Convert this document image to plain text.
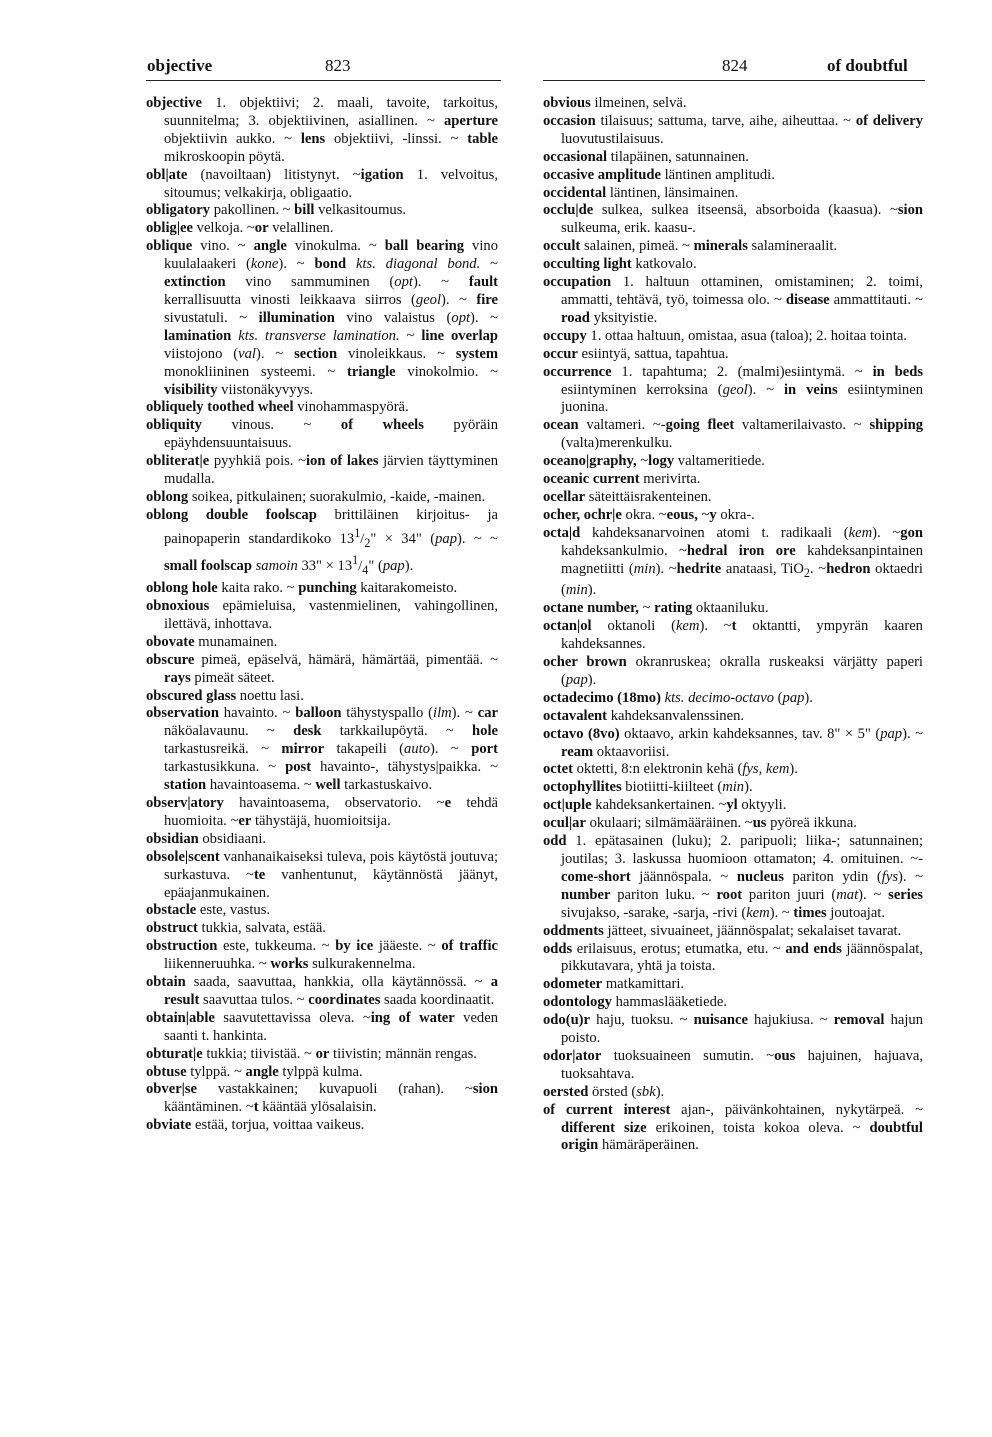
objective	823	824	of doubtful

objective 1. objektiivi; 2. maali, tavoite, tarkoitus, suunnitelma; 3. objektiivinen, asiallinen. ~ aperture objektiivin aukko. ~ lens objektiivi, -linssi. ~ table mikroskoopin pöytä.

obl|ate (navoiltaan) litistynyt. ~igation 1. velvoitus, sitoumus; velkakirja, obligaatio.

obligatory pakollinen. ~ bill velkasitoumus.

oblig|ee velkoja. ~or velallinen.

oblique vino. ~ angle vinokulma. ~ ball bearing vino kuulalaakeri (kone). ~ bond kts. diagonal bond. ~ extinction vino sammuminen (opt). ~ fault kerrallisuutta vinosti leikkaava siirros (geol). ~ fire sivustatuli. ~ illumination vino valaistus (opt). ~ lamination kts. transverse lamination. ~ line overlap viistojono (val). ~ section vinoleikkaus. ~ system monokliininen systeemi. ~ triangle vinokolmio. ~ visibility viistonäkyvyys.

obliquely toothed wheel vinohammaspyörä.

obliquity vinous. ~ of wheels pyöräin epäyhdensuuntaisuus.

obliterat|e pyyhkiä pois. ~ion of lakes järvien täyttyminen mudalla.

oblong soikea, pitkulainen; suorakulmio, -kaide, -mainen.

oblong double foolscap brittiläinen kirjoitus- ja painopaperin standardikoko $13^1/_2$" × 34" (pap). ~ ~ small foolscap samoin 33" × $13^1/_4$" (pap).

oblong hole kaita rako. ~ punching kaitarakomeisto.

obnoxious epämieluisa, vastenmielinen, vahingollinen, ilettävä, inhottava.

obovate munamainen.

obscure pimeä, epäselvä, hämärä, hämärtää, pimentää. ~ rays pimeät säteet.

obscured glass noettu lasi.

observation havainto. ~ balloon tähystyspallo (ilm). ~ car näköalavaunu. ~ desk tarkkailupöytä. ~ hole tarkastusreikä. ~ mirror takapeili (auto). ~ port tarkastusikkuna. ~ post havainto-, tähystys|paikka. ~ station havaintoasema. ~ well tarkastuskaivo.

observ|atory havaintoasema, observatorio. ~e tehdä huomioita. ~er tähystäjä, huomioitsija.

obsidian obsidiaani.

obsole|scent vanhanaikaiseksi tuleva, pois käytöstä joutuva; surkastuva. ~te vanhentunut, käytännöstä jäänyt, epäajanmukainen.

obstacle este, vastus.

obstruct tukkia, salvata, estää.

obstruction este, tukkeuma. ~ by ice jääeste. ~ of traffic liikenneruuhka. ~ works sulkurakennelma.

obtain saada, saavuttaa, hankkia, olla käytännössä. ~ a result saavuttaa tulos. ~ coordinates saada koordinaatit.

obtain|able saavutettavissa oleva. ~ing of water veden saanti t. hankinta.

obturat|e tukkia; tiivistää. ~ or tiivistin; männän rengas.

obtuse tylppä. ~ angle tylppä kulma.

obver|se vastakkainen; kuvapuoli (rahan). ~sion kääntäminen. ~t kääntää ylösalaisin.

obviate estää, torjua, voittaa vaikeus.

obvious ilmeinen, selvä.

occasion tilaisuus; sattuma, tarve, aihe, aiheuttaa. ~ of delivery luovutustilaisuus.

occasional tilapäinen, satunnainen.

occasive amplitude läntinen amplitudi.

occidental läntinen, länsimainen.

occlu|de sulkea, sulkea itseensä, absorboida (kaasua). ~sion sulkeuma, erik. kaasu-.

occult salainen, pimeä. ~ minerals salamineraalit.

occulting light katkovalo.

occupation 1. haltuun ottaminen, omistaminen; 2. toimi, ammatti, tehtävä, työ, toimessa olo. ~ disease ammattitauti. ~ road yksityistie.

occupy 1. ottaa haltuun, omistaa, asua (taloa); 2. hoitaa tointa.

occur esiintyä, sattua, tapahtua.

occurrence 1. tapahtuma; 2. (malmi)esiintymä. ~ in beds esiintyminen kerroksina (geol). ~ in veins esiintyminen juonina.

ocean valtameri. ~-going fleet valtamerilaivasto. ~ shipping (valta)merenkulku.

oceano|graphy, ~logy valtameritiede.

oceanic current merivirta.

ocellar säteittäisrakenteinen.

ocher, ochr|e okra. ~eous, ~y okra-.

octa|d kahdeksanarvoinen atomi t. radikaali (kem). ~gon kahdeksankulmio. ~hedral iron ore kahdeksanpintainen magnetiitti (min). ~hedrite anataasi, TiO$_2$. ~hedron oktaedri (min).

octane number, ~ rating oktaaniluku.

octan|ol oktanoli (kem). ~t oktantti, ympyrän kaaren kahdeksannes.

ocher brown okranruskea; okralla ruskeaksi värjätty paperi (pap).

octadecimo (18mo) kts. decimo-octavo (pap).

octavalent kahdeksanvalenssinen.

octavo (8vo) oktaavo, arkin kahdeksannes, tav. 8" × 5" (pap). ~ ream oktaavoriisi.

octet oktetti, 8:n elektronin kehä (fys, kem).

octophyllites biotiitti-kiilteet (min).

oct|uple kahdeksankertainen. ~yl oktyyli.

ocul|ar okulaari; silmämääräinen. ~us pyöreä ikkuna.

odd 1. epätasainen (luku); 2. paripuoli; liika-; satunnainen; joutilas; 3. laskussa huomioon ottamaton; 4. omituinen. ~-come-short jäännöspala. ~ nucleus pariton ydin (fys). ~ number pariton luku. ~ root pariton juuri (mat). ~ series sivujakso, -sarake, -sarja, -rivi (kem). ~ times joutoajat.

oddments jätteet, sivuaineet, jäännöspalat; sekalaiset tavarat.

odds erilaisuus, erotus; etumatka, etu. ~ and ends jäännöspalat, pikkutavara, yhtä ja toista.

odometer matkamittari.

odontology hammaslääketiede.

odo(u)r haju, tuoksu. ~ nuisance hajukiusa. ~ removal hajun poisto.

odor|ator tuoksuaineen sumutin. ~ous hajuinen, hajuava, tuoksahtava.

oersted örsted (sbk).

of current interest ajan-, päivänkohtainen, nykytärpeä. ~ different size erikoinen, toista kokoa oleva. ~ doubtful origin hämäräperäinen.
